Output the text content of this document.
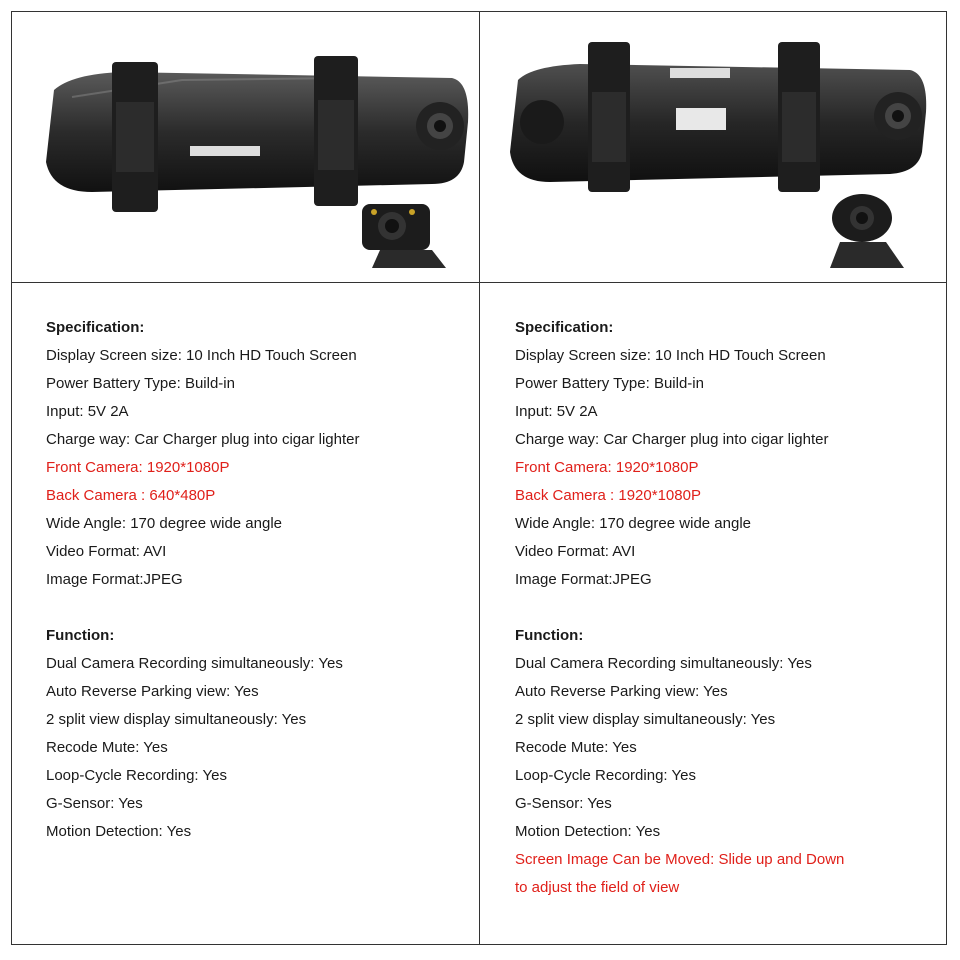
Specification:
Display Screen size: 10 Inch HD Touch Screen
Power Battery Type: Build-in
Input: 5V 2A
Charge way: Car Charger plug into cigar lighter
Front Camera: 1920*1080P
Back Camera : 640*480P
Wide Angle: 170 degree wide angle
Video Format: AVI
Image Format:JPEG
Function:
Dual Camera Recording simultaneously: Yes
Auto Reverse Parking view: Yes
2 split view display simultaneously: Yes
Recode Mute: Yes
Loop-Cycle Recording: Yes
G-Sensor: Yes
Motion Detection: Yes
Specification:
Display Screen size: 10 Inch HD Touch Screen
Power Battery Type: Build-in
Input: 5V 2A
Charge way: Car Charger plug into cigar lighter
Front Camera: 1920*1080P
Back Camera : 1920*1080P
Wide Angle: 170 degree wide angle
Video Format: AVI
Image Format:JPEG
Function:
Dual Camera Recording simultaneously: Yes
Auto Reverse Parking view: Yes
2 split view display simultaneously: Yes
Recode Mute: Yes
Loop-Cycle Recording: Yes
G-Sensor: Yes
Motion Detection: Yes
Screen Image Can be Moved: Slide up and Down
to adjust the field of view
